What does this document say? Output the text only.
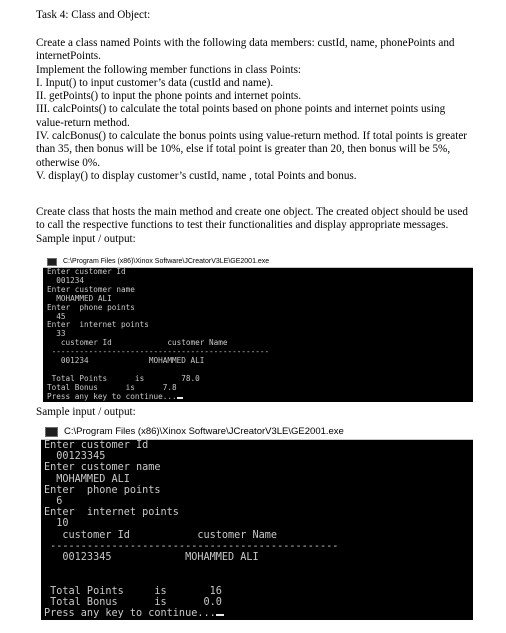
Task 4: Class and Object:
Create a class named Points with the following data members: custId, name, phonePoints and
internetPoints.
Implement the following member functions in class Points:
I. Input() to input customer’s data (custId and name).
II. getPoints() to input the phone points and internet points.
III. calcPoints() to calculate the total points based on phone points and internet points using
value-return method.
IV. calcBonus() to calculate the bonus points using value-return method. If total points is greater
than 35, then bonus will be 10%, else if total point is greater than 20, then bonus will be 5%,
otherwise 0%.
V. display() to display customer’s custId, name , total Points and bonus.
Create class that hosts the main method and create one object. The created object should be used
to call the respective functions to test their functionalities and display appropriate messages.
Sample input / output:
C:\Program Files (x86)\Xinox Software\JCreatorV3LE\GE2001.exe
Enter customer Id
001234
Enter customer name
MOHAMMED ALI
Enter  phone points
45
Enter  internet points
33
customer Id            customer Name
-----------------------------------------------
001234             MOHAMMED ALI

Total Points      is        78.0
Total Bonus      is      7.8
Press any key to continue...
Sample input / output:
C:\Program Files (x86)\Xinox Software\JCreatorV3LE\GE2001.exe
Enter customer Id
00123345
Enter customer name
MOHAMMED ALI
Enter  phone points
6
Enter  internet points
10
customer Id           customer Name
-----------------------------------------------
00123345            MOHAMMED ALI

Total Points     is       16
Total Bonus      is      0.0
Press any key to continue...
